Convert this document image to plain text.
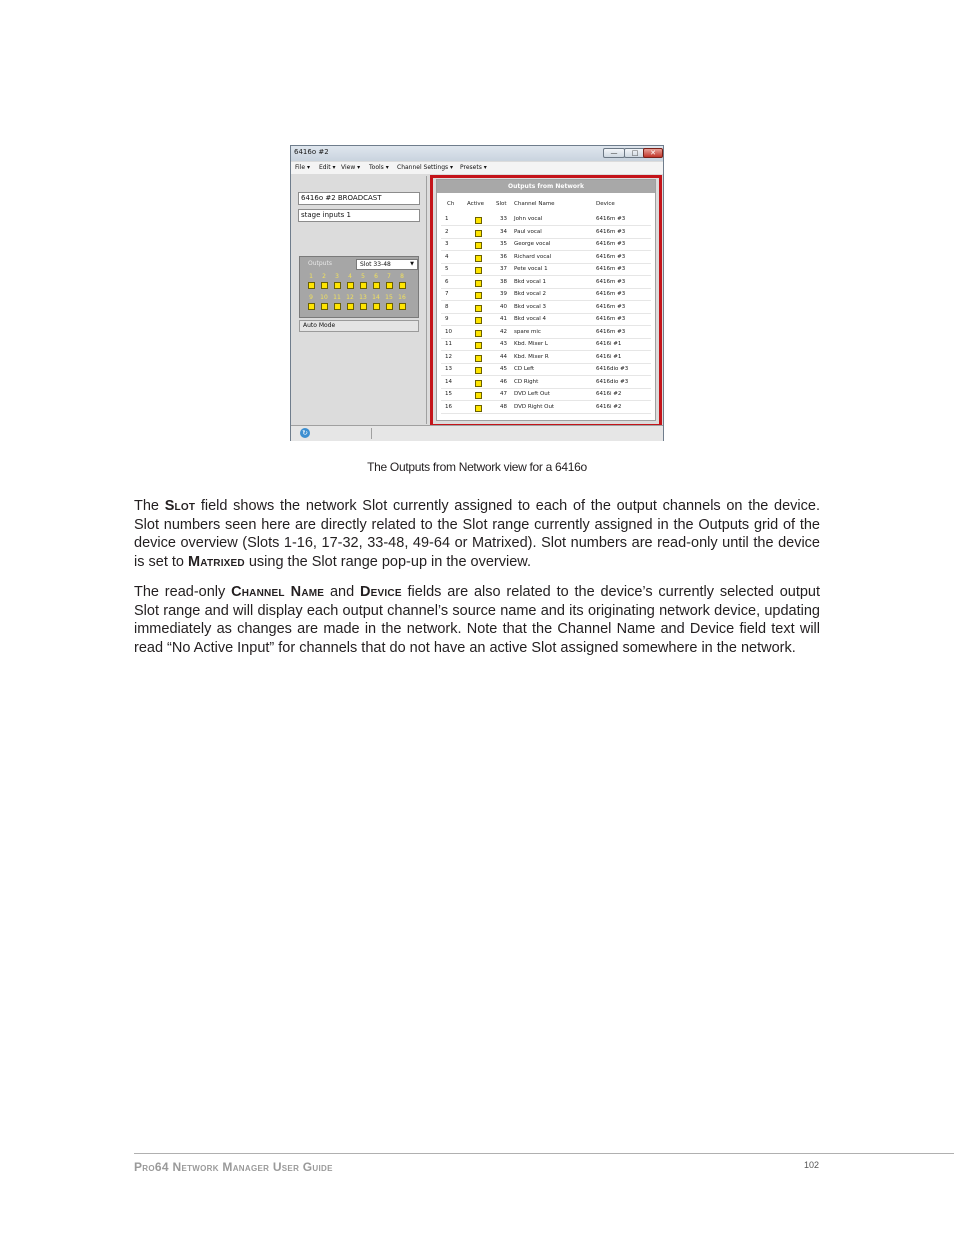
6416o #2	—	□	✕
File ▾ Edit ▾ View ▾ Tools ▾ Channel Settings ▾ Presets ▾
6416o #2 BROADCAST
stage inputs 1
Outputs	Slot 33-48	▼
1	2	3	4	5	6	7	8
9	10 11 12 13 14 15 16
Auto Mode
Outputs from Network
Ch Active Slot Channel Name	Device
1	33 John vocal	6416m #3
2	34 Paul vocal	6416m #3
3	35 George vocal	6416m #3
4	36 Richard vocal	6416m #3
5	37 Pete vocal 1	6416m #3
6	38 Bkd vocal 1	6416m #3
7	39 Bkd vocal 2	6416m #3
8	40 Bkd vocal 3	6416m #3
9	41 Bkd vocal 4	6416m #3
10	42 spare mic	6416m #3
11	43 Kbd. Mixer L	6416i #1
12	44 Kbd. Mixer R	6416i #1
13	45 CD Left	6416dio #3
14	46 CD Right	6416dio #3
15	47 DVD Left Out	6416i #2
16	48 DVD Right Out	6416i #2
↻
The Outputs from Network view for a 6416o

The Slot field shows the network Slot currently assigned to each of the output channels on the device. Slot numbers seen here are directly related to the Slot range currently assigned in the Outputs grid of the device overview (Slots 1-16, 17-32, 33-48, 49-64 or Matrixed). Slot numbers are read-only until the device is set to Matrixed using the Slot range pop-up in the overview.

The read-only Channel Name and Device fields are also related to the device’s currently selected output Slot range and will display each output channel’s source name and its originating network device, updating immediately as changes are made in the network. Note that the Channel Name and Device field text will read “No Active Input” for channels that do not have an active Slot assigned somewhere in the network.

Pro64 Network Manager User Guide	102
